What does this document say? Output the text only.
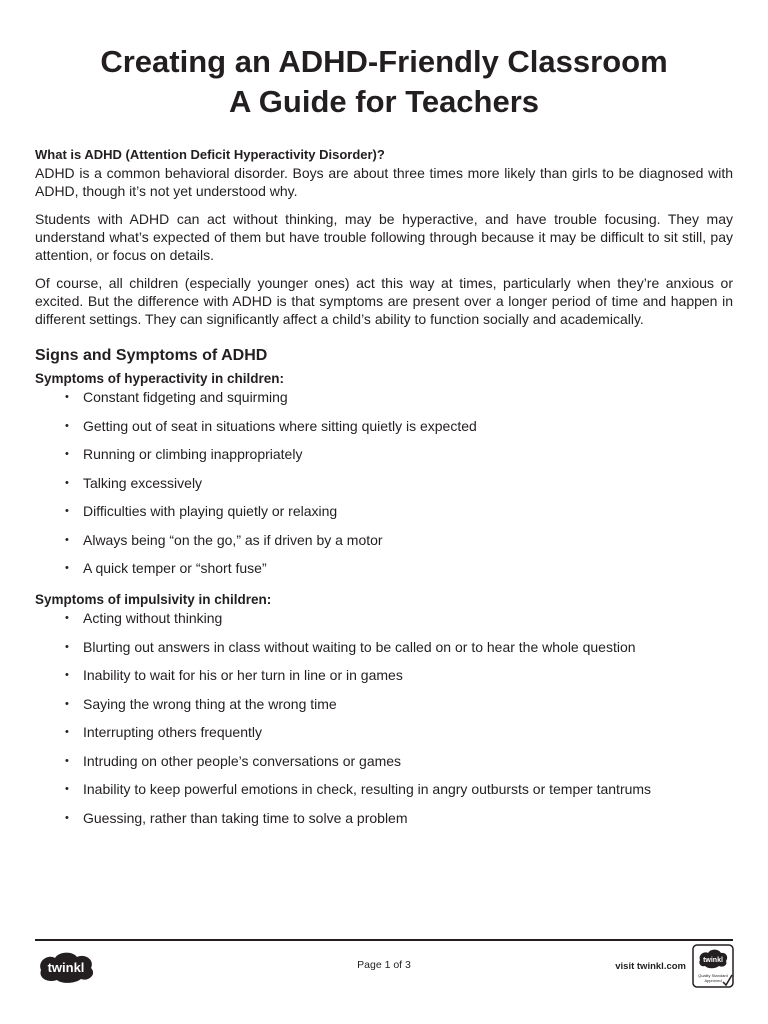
Creating an ADHD-Friendly Classroom
A Guide for Teachers
What is ADHD (Attention Deficit Hyperactivity Disorder)?

ADHD is a common behavioral disorder. Boys are about three times more likely than girls to be diagnosed with ADHD, though it’s not yet understood why.

Students with ADHD can act without thinking, may be hyperactive, and have trouble focusing. They may understand what’s expected of them but have trouble following through because it may be difficult to sit still, pay attention, or focus on details.

Of course, all children (especially younger ones) act this way at times, particularly when they’re anxious or excited. But the difference with ADHD is that symptoms are present over a longer period of time and happen in different settings. They can significantly affect a child’s ability to function socially and academically.

Signs and Symptoms of ADHD
Symptoms of hyperactivity in children:
• Constant fidgeting and squirming
• Getting out of seat in situations where sitting quietly is expected
• Running or climbing inappropriately
• Talking excessively
• Difficulties with playing quietly or relaxing
• Always being “on the go,” as if driven by a motor
• A quick temper or “short fuse”
Symptoms of impulsivity in children:
• Acting without thinking
• Blurting out answers in class without waiting to be called on or to hear the whole question
• Inability to wait for his or her turn in line or in games
• Saying the wrong thing at the wrong time
• Interrupting others frequently
• Intruding on other people’s conversations or games
• Inability to keep powerful emotions in check, resulting in angry outbursts or temper tantrums
• Guessing, rather than taking time to solve a problem
twinkl	Page 1 of 3	visit twinkl.com
twinkl
Quality Standard
Approved
